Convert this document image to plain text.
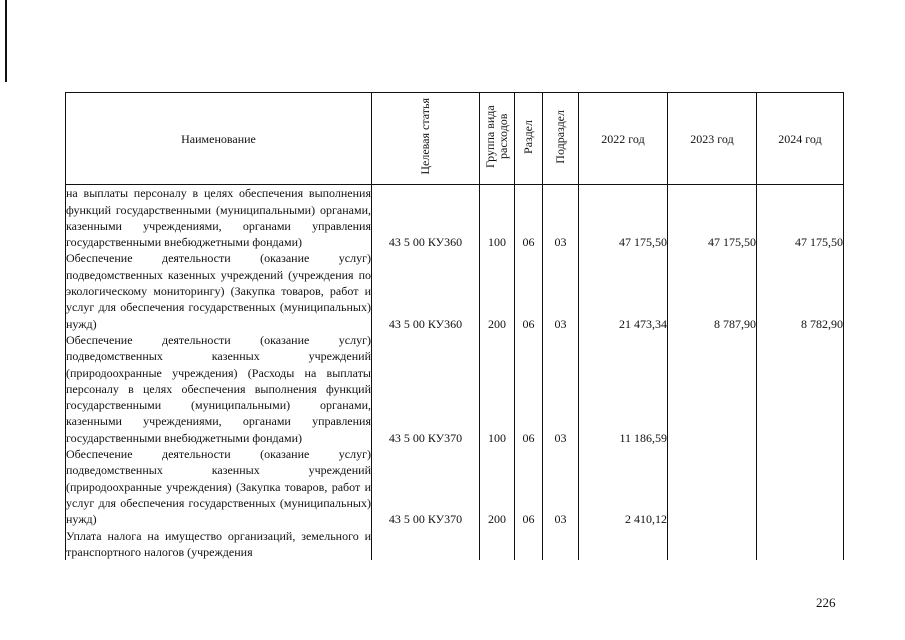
Наименование	Целевая статья	Группа вида расходов	Раздел	Подраздел	2022 год	2023 год	2024 год
на выплаты персоналу в целях обеспечения выполнения функций государственными (муниципальными) органами, казенными учреждениями, органами управления государственными внебюджетными фондами)	43 5 00 КУ360	100	06	03	47 175,50	47 175,50	47 175,50
Обеспечение деятельности (оказание услуг) подведомственных казенных учреждений (учреждения по экологическому мониторингу) (Закупка товаров, работ и услуг для обеспечения государственных (муниципальных) нужд)	43 5 00 КУ360	200	06	03	21 473,34	8 787,90	8 782,90
Обеспечение деятельности (оказание услуг) подведомственных казенных учреждений (природоохранные учреждения) (Расходы на выплаты персоналу в целях обеспечения выполнения функций государственными (муниципальными) органами, казенными учреждениями, органами управления государственными внебюджетными фондами)	43 5 00 КУ370	100	06	03	11 186,59		
Обеспечение деятельности (оказание услуг) подведомственных казенных учреждений (природоохранные учреждения) (Закупка товаров, работ и услуг для обеспечения государственных (муниципальных) нужд)	43 5 00 КУ370	200	06	03	2 410,12		
Уплата налога на имущество организаций, земельного и транспортного налогов (учреждения							
226
